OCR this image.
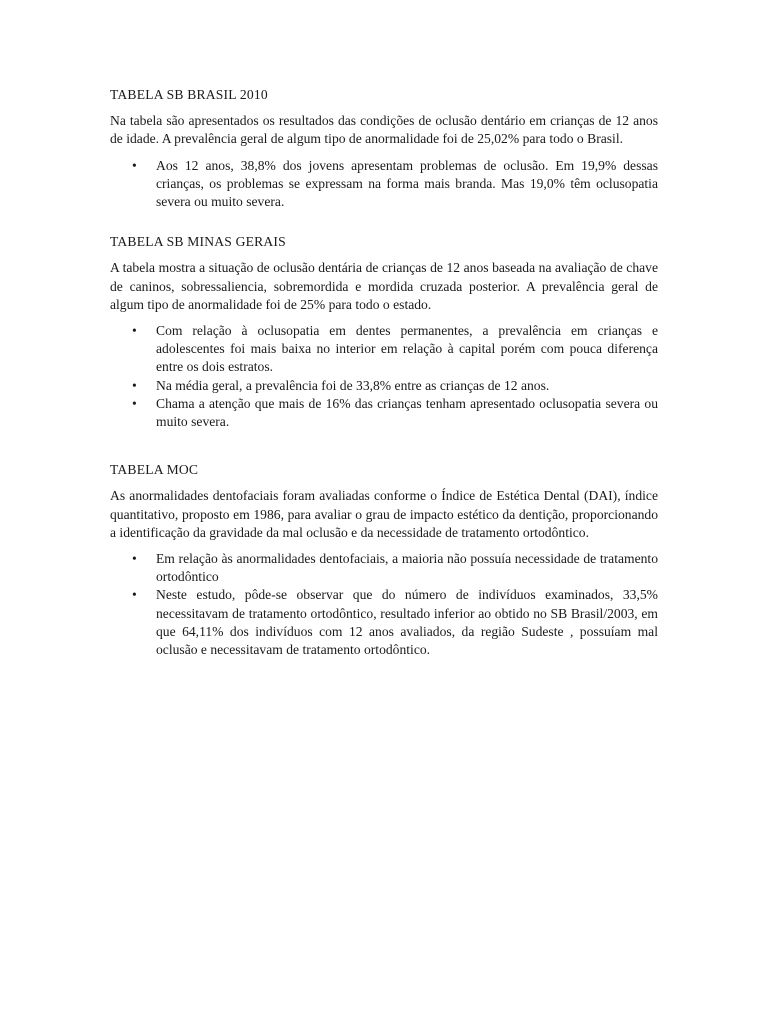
TABELA SB BRASIL 2010

Na tabela são apresentados os resultados das condições de oclusão dentário em crianças de 12 anos de idade. A prevalência geral de algum tipo de anormalidade foi de 25,02% para todo o Brasil.

• Aos 12 anos, 38,8% dos jovens apresentam problemas de oclusão. Em 19,9% dessas crianças, os problemas se expressam na forma mais branda. Mas 19,0% têm oclusopatia severa ou muito severa.
TABELA SB MINAS GERAIS

A tabela mostra a situação de oclusão dentária de crianças de 12 anos baseada na avaliação de chave de caninos, sobressaliencia, sobremordida e mordida cruzada posterior. A prevalência geral de algum tipo de anormalidade foi de 25% para todo o estado.

• Com relação à oclusopatia em dentes permanentes, a prevalência em crianças e adolescentes foi mais baixa no interior em relação à capital porém com pouca diferença entre os dois estratos.
• Na média geral, a prevalência foi de 33,8% entre as crianças de 12 anos.
• Chama a atenção que mais de 16% das crianças tenham apresentado oclusopatia severa ou muito severa.
TABELA MOC

As anormalidades dentofaciais foram avaliadas conforme o Índice de Estética Dental (DAI), índice quantitativo, proposto em 1986, para avaliar o grau de impacto estético da dentição, proporcionando a identificação da gravidade da mal oclusão e da necessidade de tratamento ortodôntico.

• Em relação às anormalidades dentofaciais, a maioria não possuía necessidade de tratamento ortodôntico
• Neste estudo, pôde-se observar que do número de indivíduos examinados, 33,5% necessitavam de tratamento ortodôntico, resultado inferior ao obtido no SB Brasil/2003, em que 64,11% dos indivíduos com 12 anos avaliados, da região Sudeste , possuíam mal oclusão e necessitavam de tratamento ortodôntico.
